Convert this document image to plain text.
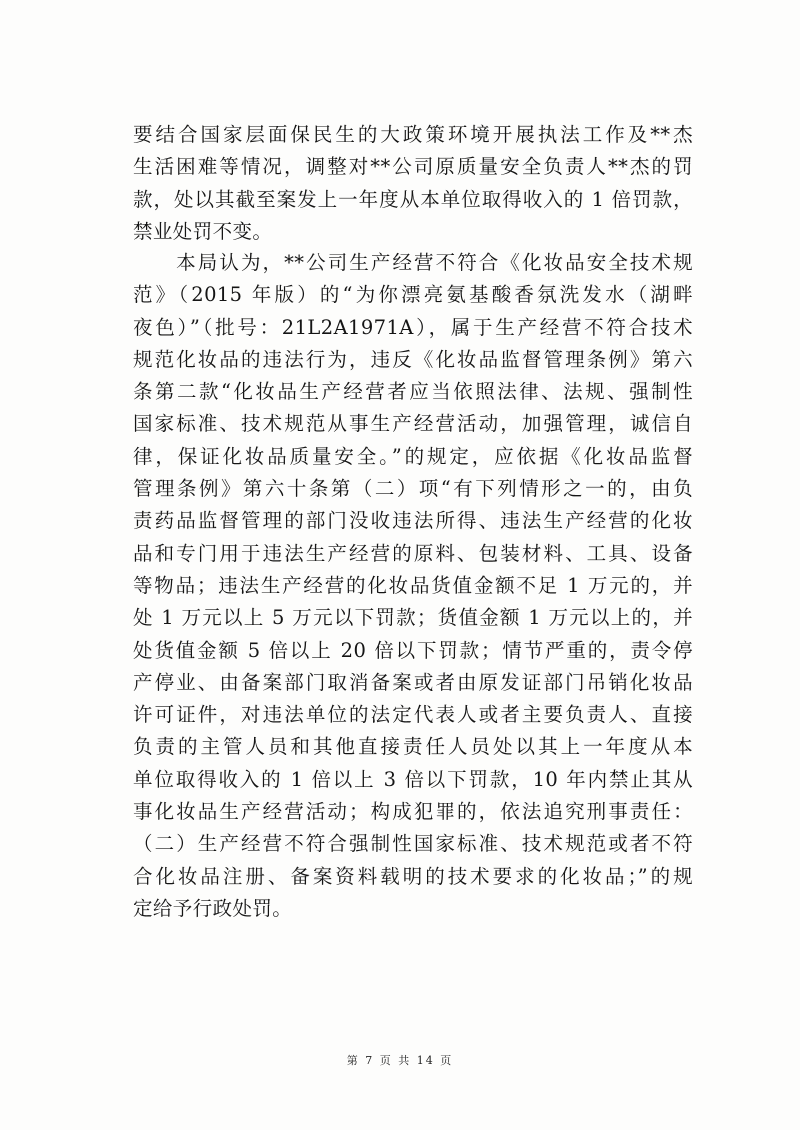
要结合国家层面保民生的大政策环境开展执法工作及**杰
生活困难等情况，调整对**公司原质量安全负责人**杰的罚
款，处以其截至案发上一年度从本单位取得收入的 1 倍罚款，
禁业处罚不变。
　　本局认为，**公司生产经营不符合《化妆品安全技术规
范》（2015 年版）的“为你漂亮氨基酸香氛洗发水（湖畔
夜色）”（批号：21L2A1971A），属于生产经营不符合技术
规范化妆品的违法行为，违反《化妆品监督管理条例》第六
条第二款“化妆品生产经营者应当依照法律、法规、强制性
国家标准、技术规范从事生产经营活动，加强管理，诚信自
律，保证化妆品质量安全。”的规定，应依据《化妆品监督
管理条例》第六十条第（二）项“有下列情形之一的，由负
责药品监督管理的部门没收违法所得、违法生产经营的化妆
品和专门用于违法生产经营的原料、包装材料、工具、设备
等物品；违法生产经营的化妆品货值金额不足 1 万元的，并
处 1 万元以上 5 万元以下罚款；货值金额 1 万元以上的，并
处货值金额 5 倍以上 20 倍以下罚款；情节严重的，责令停
产停业、由备案部门取消备案或者由原发证部门吊销化妆品
许可证件，对违法单位的法定代表人或者主要负责人、直接
负责的主管人员和其他直接责任人员处以其上一年度从本
单位取得收入的 1 倍以上 3 倍以下罚款，10 年内禁止其从
事化妆品生产经营活动；构成犯罪的，依法追究刑事责任：
（二）生产经营不符合强制性国家标准、技术规范或者不符
合化妆品注册、备案资料载明的技术要求的化妆品；”的规
定给予行政处罚。
第 7 页 共 14 页
